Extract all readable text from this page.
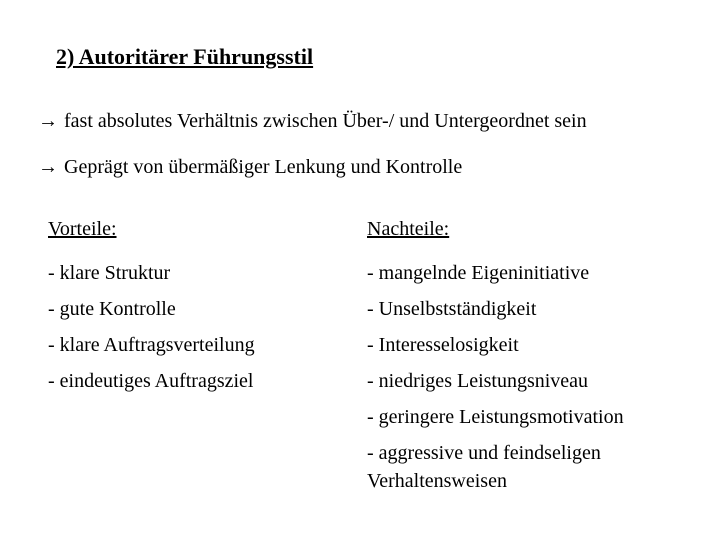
2) Autoritärer Führungsstil
→ fast absolutes Verhältnis zwischen Über-/ und Untergeordnet sein
→ Geprägt von übermäßiger Lenkung und Kontrolle
Vorteile:
- klare Struktur
- gute Kontrolle
- klare Auftragsverteilung
- eindeutiges Auftragsziel
Nachteile:
- mangelnde Eigeninitiative
- Unselbstständigkeit
- Interesselosigkeit
- niedriges Leistungsniveau
- geringere Leistungsmotivation
- aggressive und feindseligen Verhaltensweisen
